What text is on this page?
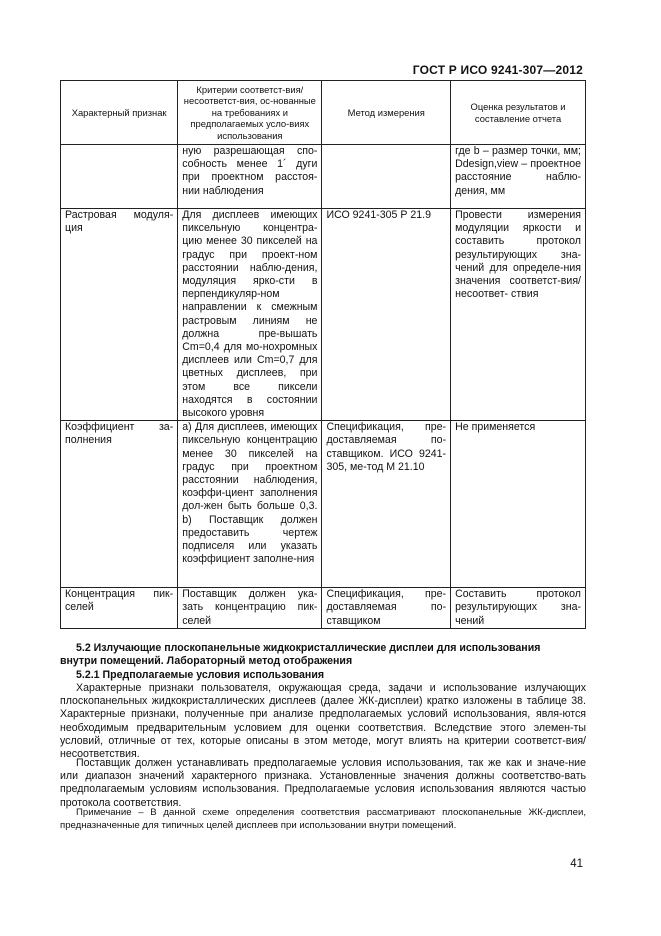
ГОСТ Р ИСО 9241-307—2012
Характерный признак	Критерии соответст-вия/несоответст-вия, ос-нованные на требованиях и предполагаемых усло-виях использования	Метод измерения	Оценка результатов и составление отчета
	ную разрешающая спо-собность менее 1´ дуги при проектном расстоя-нии наблюдения		где b – размер точки, мм; Ddesign,view – проектное расстояние наблю-дения, мм
Растровая модуля-ция	Для дисплеев имеющих пиксельную концентра-цию менее 30 пикселей на градус при проект-ном расстоянии наблю-дения, модуляция ярко-сти в перпендикуляр-ном направлении к смежным растровым линиям не должна пре-вышать Cm=0,4 для мо-нохромных дисплеев или Cm=0,7 для цветных дисплеев, при этом все пиксели находятся в состоянии высокого уровня	ИСО 9241-305 Р 21.9	Провести измерения модуляции яркости и составить протокол результирующих зна-чений для определе-ния значения соответст-вия/несоответ- ствия
Коэффициент за-полнения	а) Для дисплеев, имеющих пиксельную концентрацию менее 30 пикселей на градус при проектном расстоянии наблюдения, коэффи-циент заполнения дол-жен быть больше 0,3. b) Поставщик должен предоставить чертеж подписеля или указать коэффициент заполне-ния	Спецификация, пре-доставляемая по-ставщиком. ИСО 9241-305, ме-тод М 21.10	Не применяется
Концентрация пик-селей	Поставщик должен ука-зать концентрацию пик-селей	Спецификация, пре-доставляемая по-ставщиком	Составить протокол результирующих зна-чений
5.2 Излучающие плоскопанельные жидкокристаллические дисплеи для использования
внутри помещений. Лабораторный метод отображения
5.2.1 Предполагаемые условия использования
Характерные признаки пользователя, окружающая среда, задачи и использование излучающих плоскопанельных жидкокристаллических дисплеев (далее ЖК-дисплеи) кратко изложены в таблице 38. Характерные признаки, полученные при анализе предполагаемых условий использования, явля-ются необходимым предварительным условием для оценки соответствия. Вследствие этого элемен-ты условий, отличные от тех, которые описаны в этом методе, могут влиять на критерии соответст-вия/несоответствия.
Поставщик должен устанавливать предполагаемые условия использования, так же как и значе-ние или диапазон значений характерного признака. Установленные значения должны соответство-вать предполагаемым условиям использования. Предполагаемые условия использования являются частью протокола соответствия.
Примечание – В данной схеме определения соответствия рассматривают плоскопанельные ЖК-дисплеи, предназначенные для типичных целей дисплеев при использовании внутри помещений.
41
